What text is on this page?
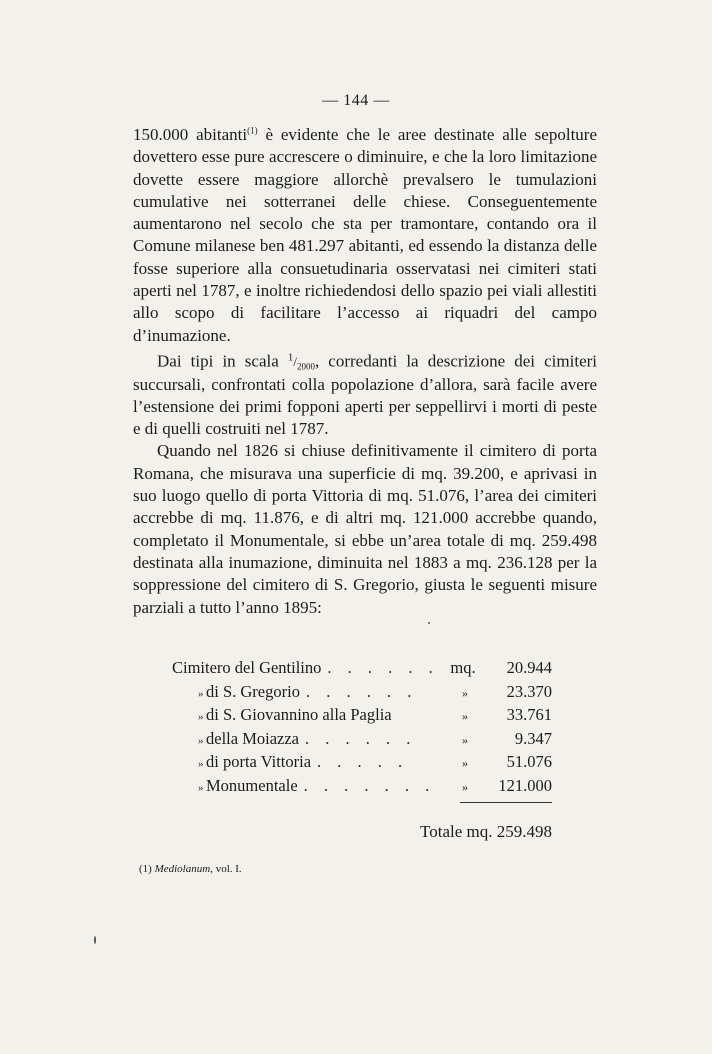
— 144 —

150.000 abitanti$^{(1)}$ è evidente che le aree destinate alle sepolture dovettero esse pure accrescere o diminuire, e che la loro limitazione dovette essere maggiore allorchè prevalsero le tumulazioni cumulative nei sotterranei delle chiese. Conseguentemente aumentarono nel secolo che sta per tramontare, contando ora il Comune milanese ben 481.297 abitanti, ed essendo la distanza delle fosse superiore alla consuetudinaria osservatasi nei cimiteri stati aperti nel 1787, e inoltre richiedendosi dello spazio pei viali allestiti allo scopo di facilitare l’accesso ai riquadri del campo d’inumazione.

Dai tipi in scala $^1/_{2000}$, corredanti la descrizione dei cimiteri succursali, confrontati colla popolazione d’allora, sarà facile avere l’estensione dei primi fopponi aperti per seppellirvi i morti di peste e di quelli costruiti nel 1787.

Quando nel 1826 si chiuse definitivamente il cimitero di porta Romana, che misurava una superficie di mq. 39.200, e aprivasi in suo luogo quello di porta Vittoria di mq. 51.076, l’area dei cimiteri accrebbe di mq. 11.876, e di altri mq. 121.000 accrebbe quando, completato il Monumentale, si ebbe un’area totale di mq. 259.498 destinata alla inumazione, diminuita nel 1883 a mq. 236.128 per la soppressione del cimitero di S. Gregorio, giusta le seguenti misure parziali a tutto l’anno 1895:

Cimitero del Gentilino . . . . . . mq.	20.944
» di S. Gregorio . . . . . .	»	23.370
» di S. Giovannino alla Paglia	»	33.761
» della Moiazza . . . . . .	»	9.347
» di porta Vittoria . . . . .	»	51.076
» Monumentale . . . . . . .	»	121.000
Totale mq. 259.498
(1) Mediolanum, vol. I.
